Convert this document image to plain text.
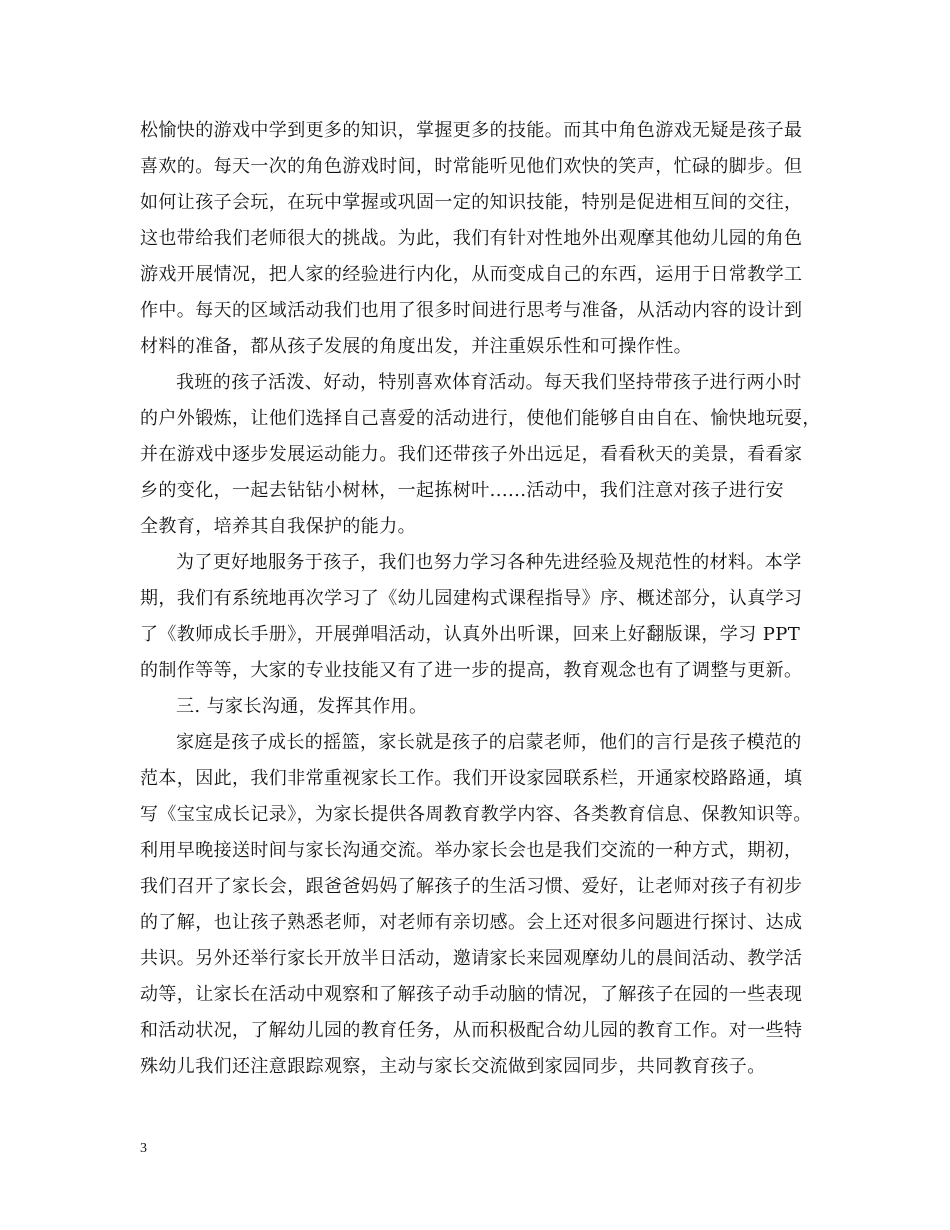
松愉快的游戏中学到更多的知识，掌握更多的技能。而其中角色游戏无疑是孩子最
喜欢的。每天一次的角色游戏时间，时常能听见他们欢快的笑声，忙碌的脚步。但
如何让孩子会玩，在玩中掌握或巩固一定的知识技能，特别是促进相互间的交往，
这也带给我们老师很大的挑战。为此，我们有针对性地外出观摩其他幼儿园的角色
游戏开展情况，把人家的经验进行内化，从而变成自己的东西，运用于日常教学工
作中。每天的区域活动我们也用了很多时间进行思考与准备，从活动内容的设计到
材料的准备，都从孩子发展的角度出发，并注重娱乐性和可操作性。
我班的孩子活泼、好动，特别喜欢体育活动。每天我们坚持带孩子进行两小时
的户外锻炼，让他们选择自己喜爱的活动进行，使他们能够自由自在、愉快地玩耍，
并在游戏中逐步发展运动能力。我们还带孩子外出远足，看看秋天的美景，看看家
乡的变化，一起去钻钻小树林，一起拣树叶......活动中，我们注意对孩子进行安
全教育，培养其自我保护的能力。
为了更好地服务于孩子，我们也努力学习各种先进经验及规范性的材料。本学
期，我们有系统地再次学习了《幼儿园建构式课程指导》序、概述部分，认真学习
了《教师成长手册》，开展弹唱活动，认真外出听课，回来上好翻版课，学习 PPT
的制作等等，大家的专业技能又有了进一步的提高，教育观念也有了调整与更新。
三. 与家长沟通，发挥其作用。
家庭是孩子成长的摇篮，家长就是孩子的启蒙老师，他们的言行是孩子模范的
范本，因此，我们非常重视家长工作。我们开设家园联系栏，开通家校路路通，填
写《宝宝成长记录》，为家长提供各周教育教学内容、各类教育信息、保教知识等。
利用早晚接送时间与家长沟通交流。举办家长会也是我们交流的一种方式，期初，
我们召开了家长会，跟爸爸妈妈了解孩子的生活习惯、爱好，让老师对孩子有初步
的了解，也让孩子熟悉老师，对老师有亲切感。会上还对很多问题进行探讨、达成
共识。另外还举行家长开放半日活动，邀请家长来园观摩幼儿的晨间活动、教学活
动等，让家长在活动中观察和了解孩子动手动脑的情况，了解孩子在园的一些表现
和活动状况，了解幼儿园的教育任务，从而积极配合幼儿园的教育工作。对一些特
殊幼儿我们还注意跟踪观察，主动与家长交流做到家园同步，共同教育孩子。
3
